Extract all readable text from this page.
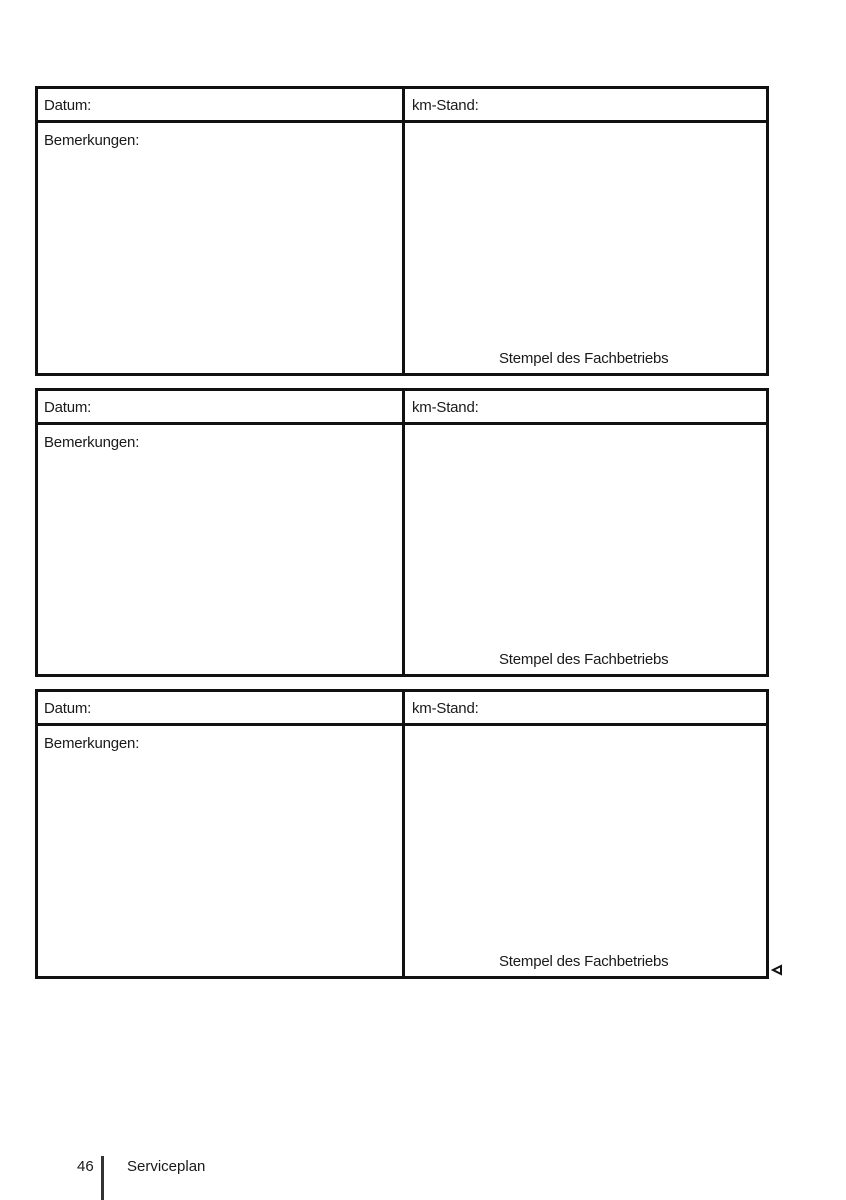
Datum:	km-Stand:
Bemerkungen:
Stempel des Fachbetriebs
Datum:	km-Stand:
Bemerkungen:
Stempel des Fachbetriebs
Datum:	km-Stand:
Bemerkungen:
Stempel des Fachbetriebs
46 Serviceplan
